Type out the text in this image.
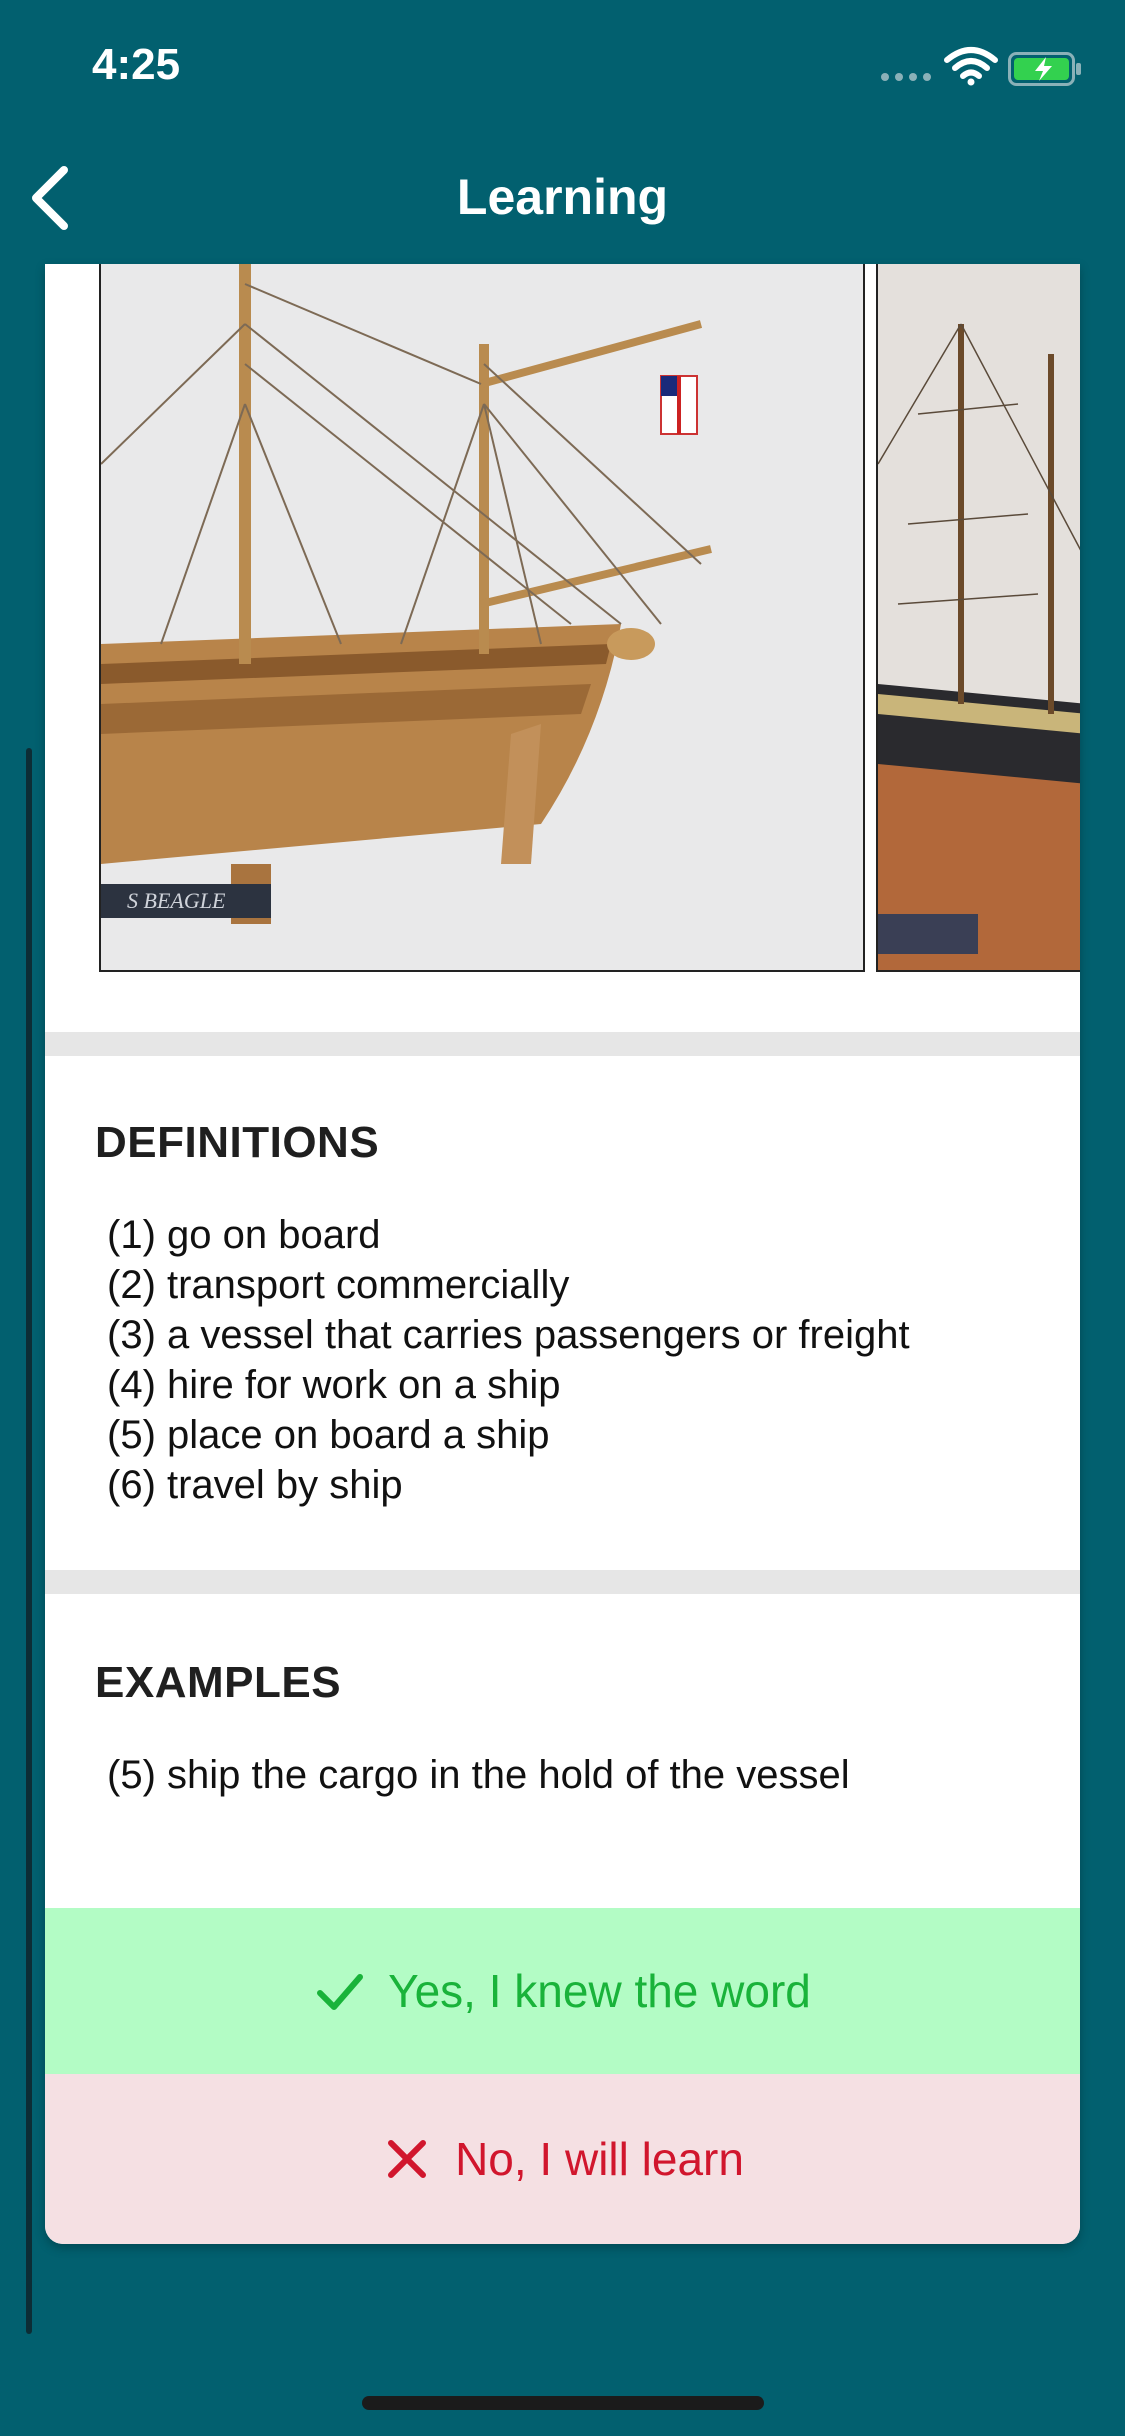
4:25
Learning
S BEAGLE
DEFINITIONS
(1) go on board
(2) transport commercially
(3) a vessel that carries passengers or freight
(4) hire for work on a ship
(5) place on board a ship
(6) travel by ship
EXAMPLES
(5) ship the cargo in the hold of the vessel
Yes, I knew the word
No, I will learn
